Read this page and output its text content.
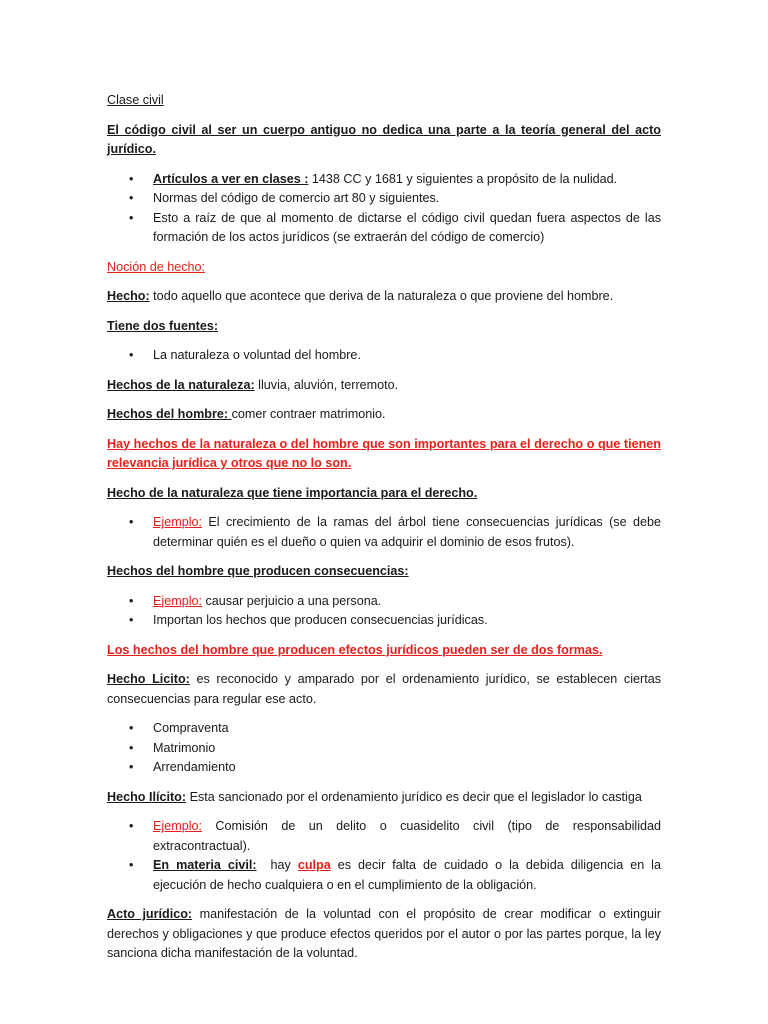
Clase civil

El código civil al ser un cuerpo antiguo no dedica una parte a la teoría general del acto jurídico.

• Artículos a ver en clases : 1438 CC y 1681 y siguientes a propósito de la nulidad.
• Normas del código de comercio art 80 y siguientes.
• Esto a raíz de que al momento de dictarse el código civil quedan fuera aspectos de las formación de los actos jurídicos (se extraerán del código de comercio)

Noción de hecho:

Hecho: todo aquello que acontece que deriva de la naturaleza o que proviene del hombre.

Tiene dos fuentes:

• La naturaleza o voluntad del hombre.

Hechos de la naturaleza: lluvia, aluvión, terremoto.

Hechos del hombre: comer contraer matrimonio.

Hay hechos de la naturaleza o del hombre que son importantes para el derecho o que tienen relevancia jurídica y otros que no lo son.

Hecho de la naturaleza que tiene importancia para el derecho.

• Ejemplo: El crecimiento de la ramas del árbol tiene consecuencias jurídicas (se debe determinar quién es el dueño o quien va adquirir el dominio de esos frutos).

Hechos del hombre que producen consecuencias:

• Ejemplo: causar perjuicio a una persona.
• Importan los hechos que producen consecuencias jurídicas.

Los hechos del hombre que producen efectos jurídicos pueden ser de dos formas.

Hecho Licito: es reconocido y amparado por el ordenamiento jurídico, se establecen ciertas consecuencias para regular ese acto.

• Compraventa
• Matrimonio
• Arrendamiento

Hecho Ilícito: Esta sancionado por el ordenamiento jurídico es decir que el legislador lo castiga

• Ejemplo: Comisión de un delito o cuasidelito civil (tipo de responsabilidad extracontractual).
• En materia civil:  hay culpa es decir falta de cuidado o la debida diligencia en la ejecución de hecho cualquiera o en el cumplimiento de la obligación.

Acto jurídico: manifestación de la voluntad con el propósito de crear modificar o extinguir derechos y obligaciones y que produce efectos queridos por el autor o por las partes porque, la ley sanciona dicha manifestación de la voluntad.
